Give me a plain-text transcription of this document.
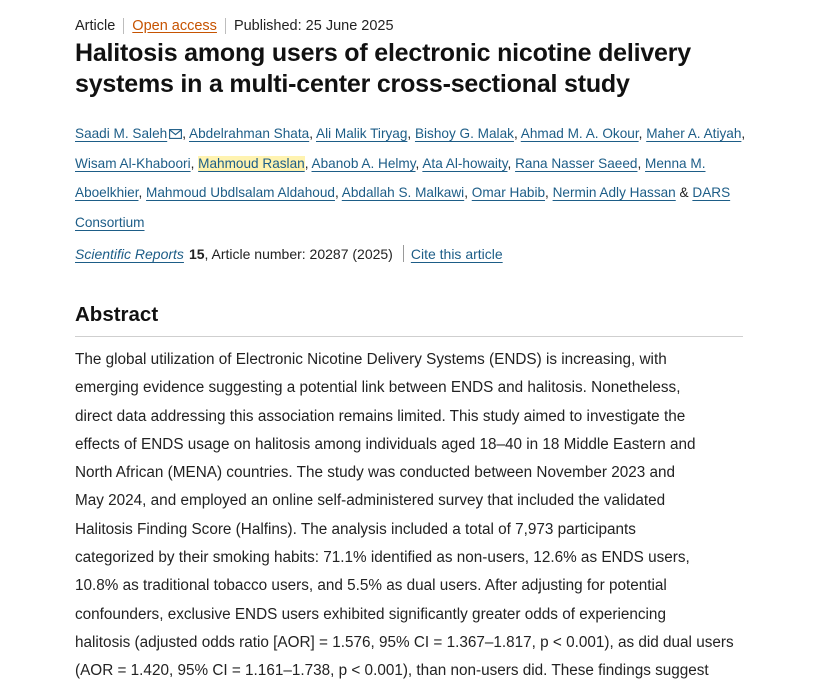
Article Open access Published: 25 June 2025
Halitosis among users of electronic nicotine delivery systems in a multi-center cross-sectional study
Saadi M. Saleh , Abdelrahman Shata, Ali Malik Tiryag, Bishoy G. Malak, Ahmad M. A. Okour, Maher A. Atiyah, Wisam Al-Khaboori, Mahmoud Raslan, Abanob A. Helmy, Ata Al-howaity, Rana Nasser Saeed, Menna M. Aboelkhier, Mahmoud Ubdlsalam Aldahoud, Abdallah S. Malkawi, Omar Habib, Nermin Adly Hassan & DARS Consortium
Scientific Reports 15 , Article number: 20287 (2025) Cite this article
Abstract

The global utilization of Electronic Nicotine Delivery Systems (ENDS) is increasing, with
emerging evidence suggesting a potential link between ENDS and halitosis. Nonetheless,
direct data addressing this association remains limited. This study aimed to investigate the
effects of ENDS usage on halitosis among individuals aged 18–40 in 18 Middle Eastern and
North African (MENA) countries. The study was conducted between November 2023 and
May 2024, and employed an online self-administered survey that included the validated
Halitosis Finding Score (Halfins). The analysis included a total of 7,973 participants
categorized by their smoking habits: 71.1% identified as non-users, 12.6% as ENDS users,
10.8% as traditional tobacco users, and 5.5% as dual users. After adjusting for potential
confounders, exclusive ENDS users exhibited significantly greater odds of experiencing
halitosis (adjusted odds ratio [AOR] = 1.576, 95% CI = 1.367–1.817, p < 0.001), as did dual users
(AOR = 1.420, 95% CI = 1.161–1.738, p < 0.001), than non-users did. These findings suggest
